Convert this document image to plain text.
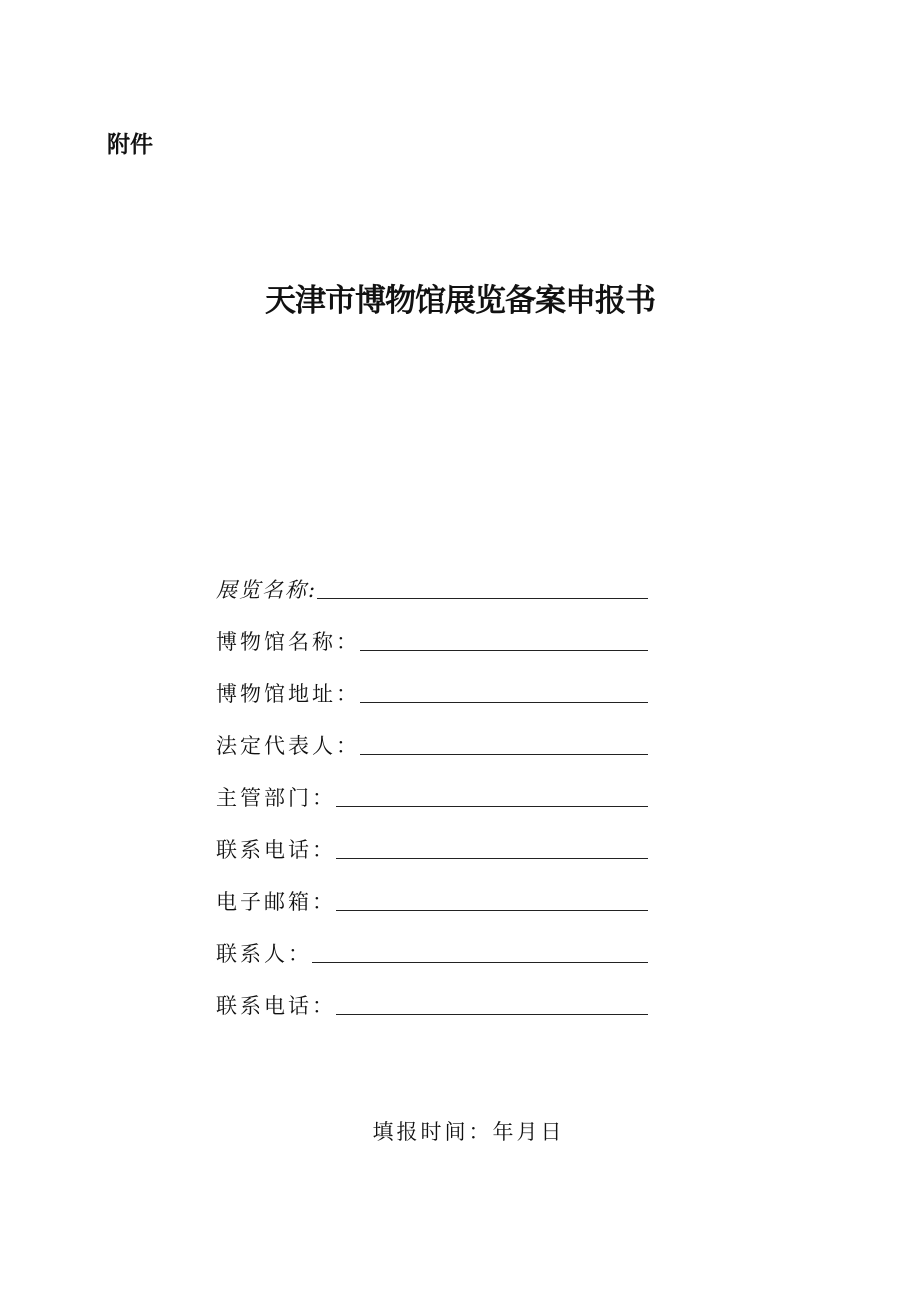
附件
天津市博物馆展览备案申报书
展览名称:
博物馆名称：
博物馆地址：
法定代表人：
主管部门：
联系电话：
电子邮箱：
联系人：
联系电话：
填报时间：年月日
